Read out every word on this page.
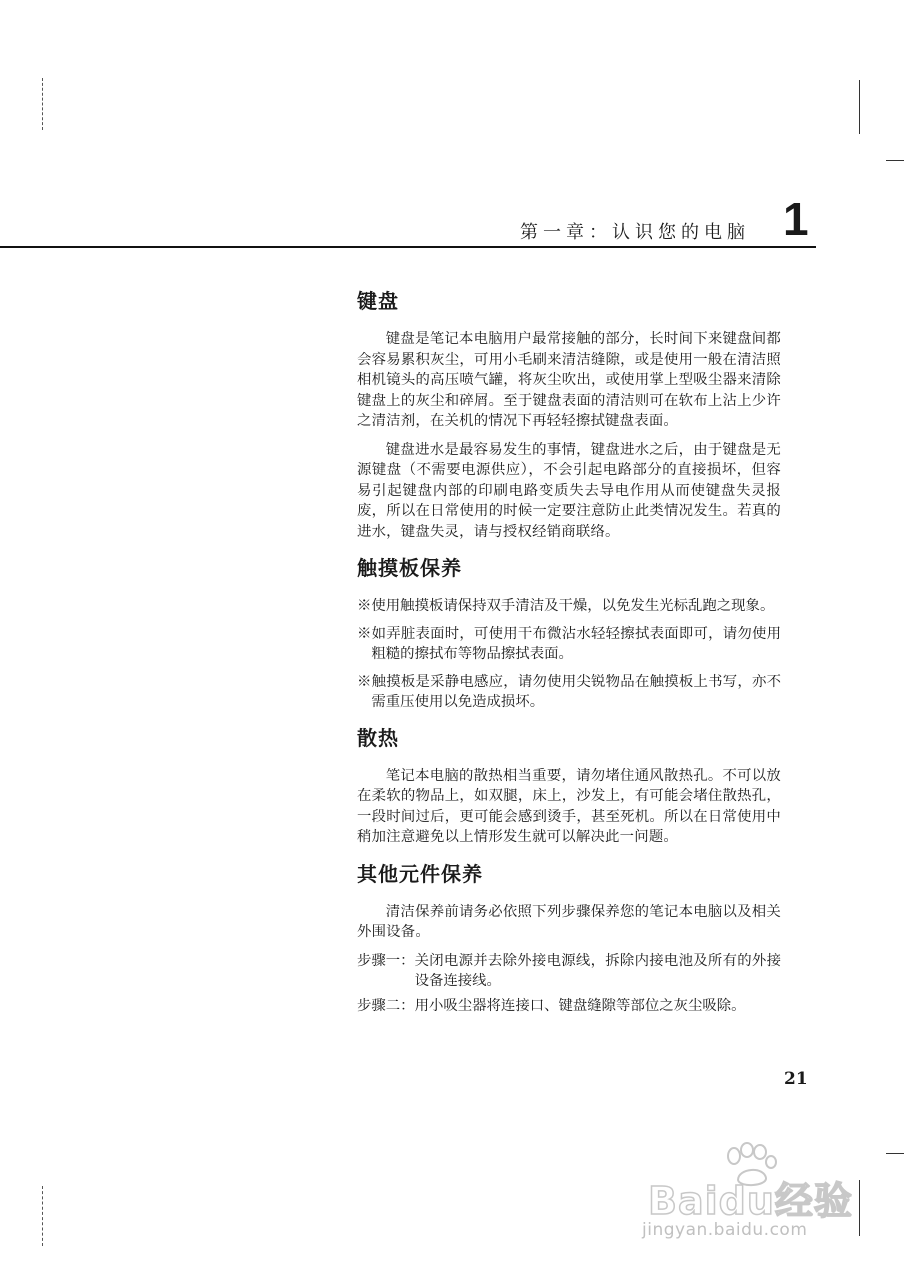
第一章：认识您的电脑 1
键盘

键盘是笔记本电脑用户最常接触的部分，长时间下来键盘间都会容易累积灰尘，可用小毛刷来清洁缝隙，或是使用一般在清洁照相机镜头的高压喷气罐，将灰尘吹出，或使用掌上型吸尘器来清除键盘上的灰尘和碎屑。至于键盘表面的清洁则可在软布上沾上少许之清洁剂，在关机的情况下再轻轻擦拭键盘表面。

键盘进水是最容易发生的事情，键盘进水之后，由于键盘是无源键盘（不需要电源供应），不会引起电路部分的直接损坏，但容易引起键盘内部的印刷电路变质失去导电作用从而使键盘失灵报废，所以在日常使用的时候一定要注意防止此类情况发生。若真的进水，键盘失灵，请与授权经销商联络。

触摸板保养
※使用触摸板请保持双手清洁及干燥，以免发生光标乱跑之现象。
※如弄脏表面时，可使用干布微沾水轻轻擦拭表面即可，请勿使用粗糙的擦拭布等物品擦拭表面。
※触摸板是采静电感应，请勿使用尖锐物品在触摸板上书写，亦不需重压使用以免造成损坏。
散热

笔记本电脑的散热相当重要，请勿堵住通风散热孔。不可以放在柔软的物品上，如双腿，床上，沙发上，有可能会堵住散热孔，一段时间过后，更可能会感到烫手，甚至死机。所以在日常使用中稍加注意避免以上情形发生就可以解决此一问题。

其他元件保养

清洁保养前请务必依照下列步骤保养您的笔记本电脑以及相关外围设备。

步骤一： 关闭电源并去除外接电源线，拆除内接电池及所有的外接设备连接线。
步骤二： 用小吸尘器将连接口、键盘缝隙等部位之灰尘吸除。
21
Baidu经验
jingyan.baidu.com
